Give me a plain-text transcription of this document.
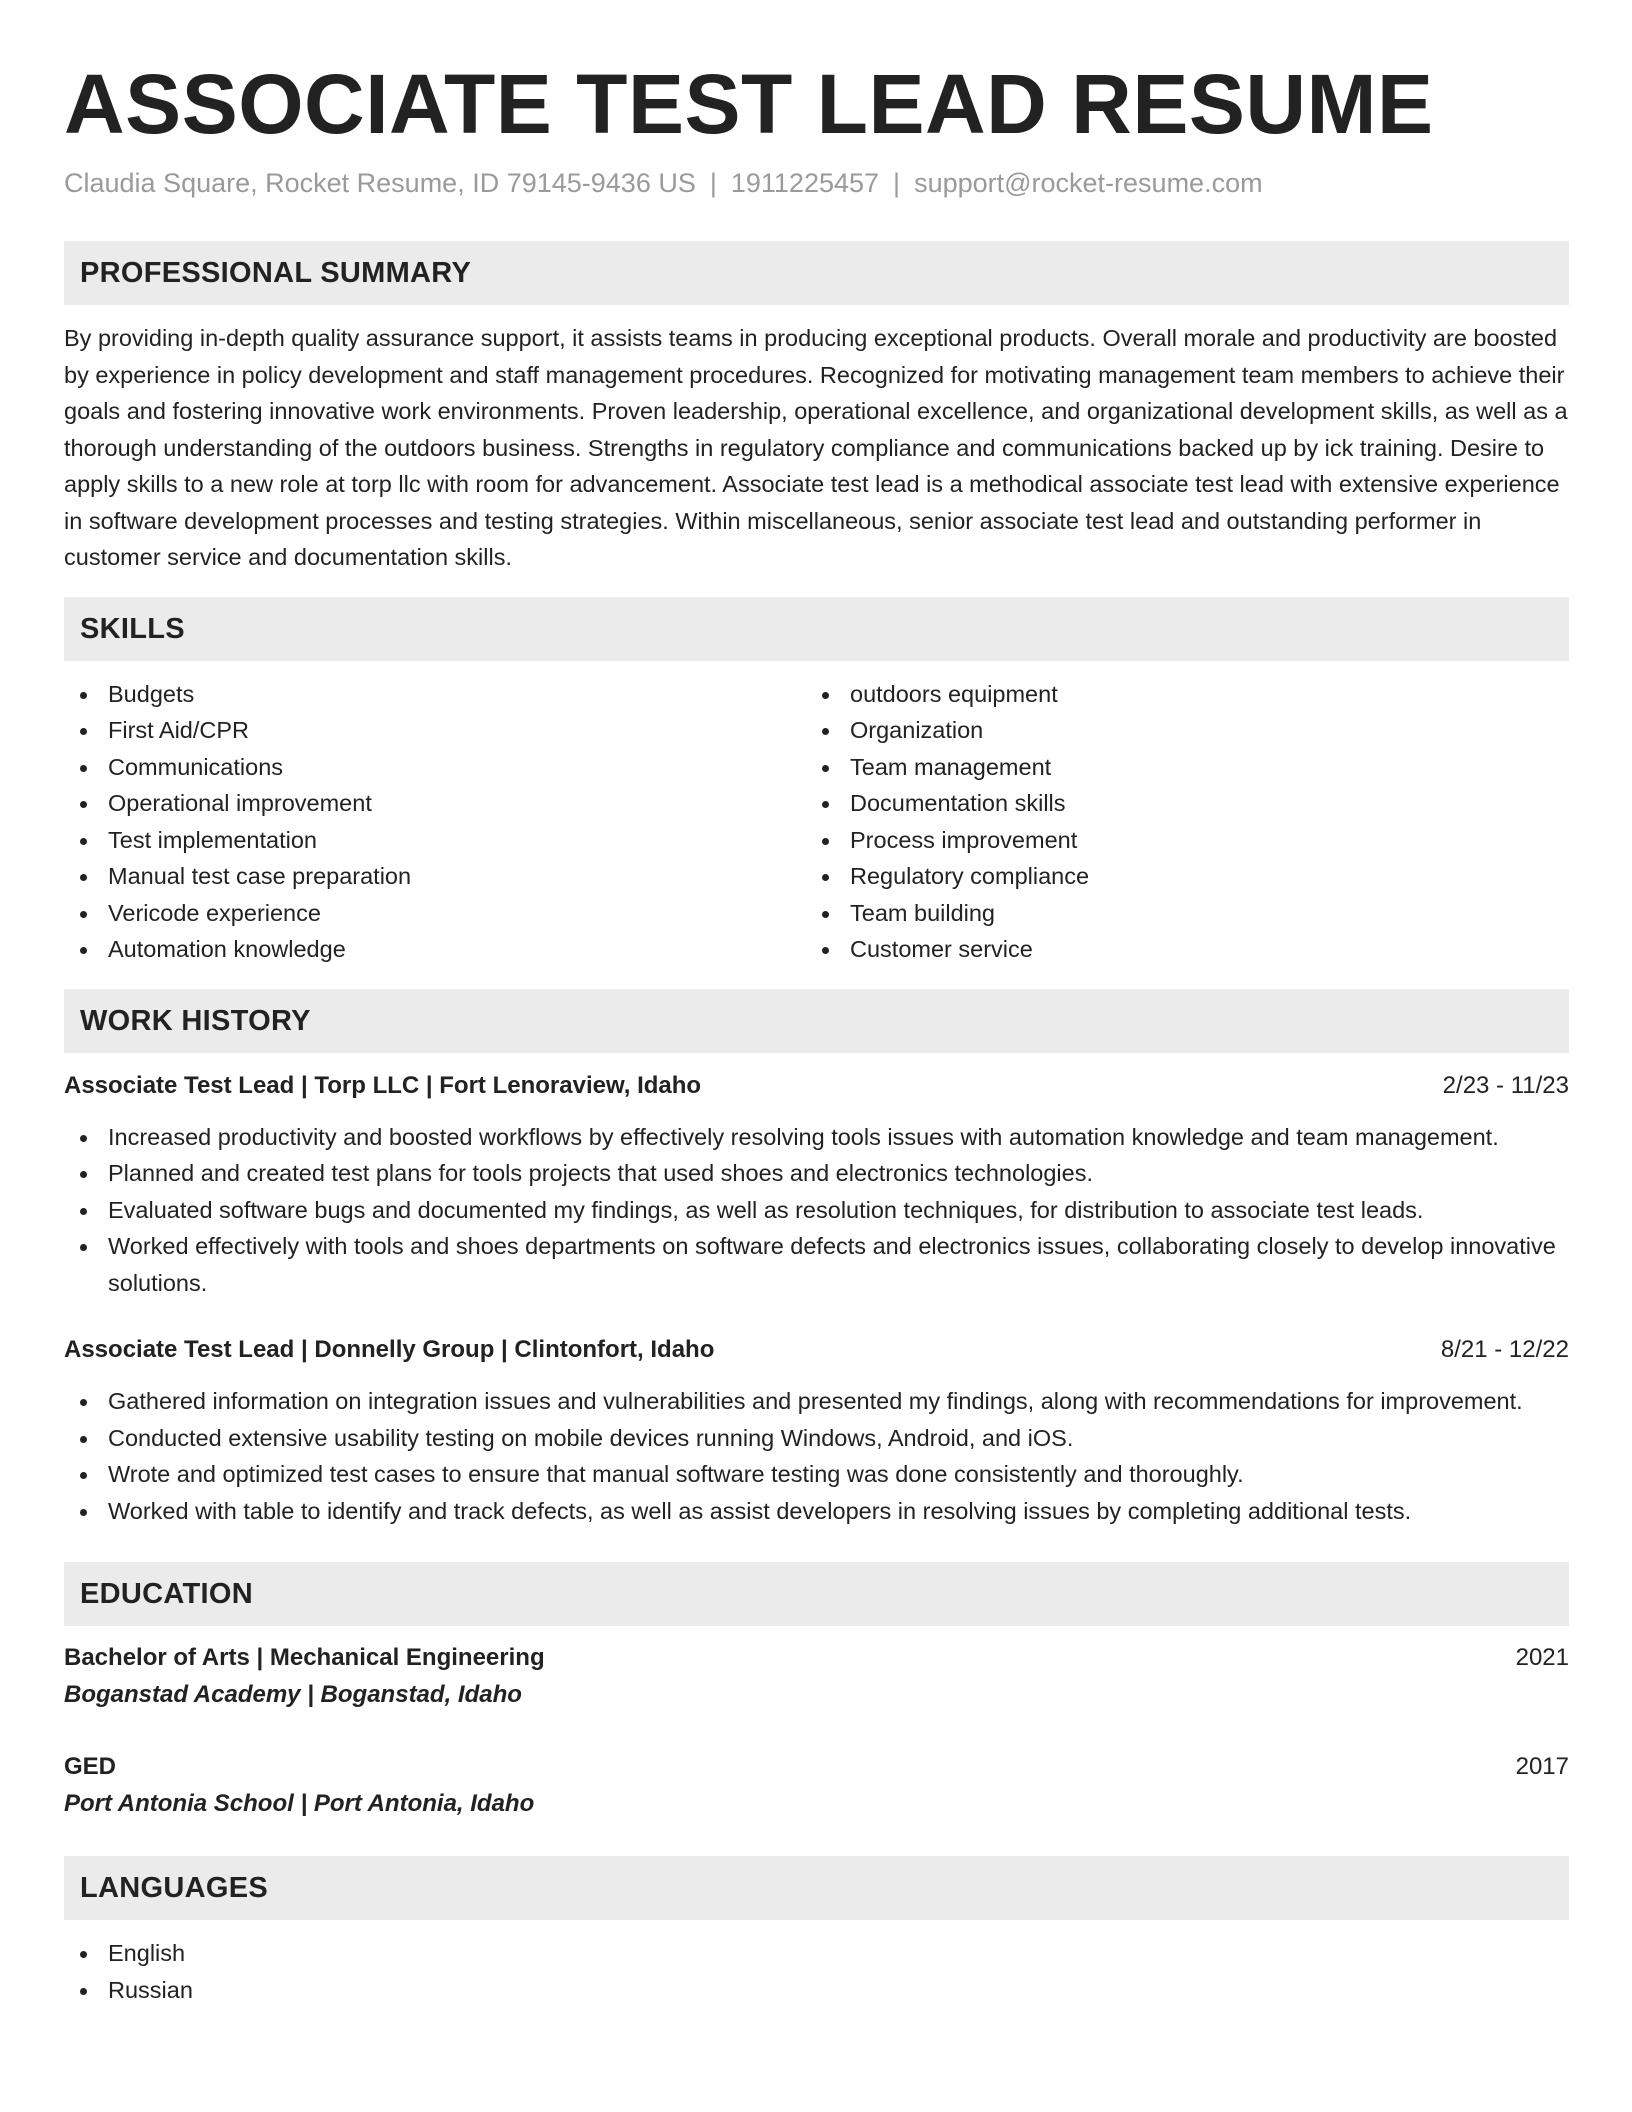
ASSOCIATE TEST LEAD RESUME
Claudia Square, Rocket Resume, ID 79145-9436 US | 1911225457 | support@rocket-resume.com
PROFESSIONAL SUMMARY

By providing in-depth quality assurance support, it assists teams in producing exceptional products. Overall morale and productivity are boosted by experience in policy development and staff management procedures. Recognized for motivating management team members to achieve their goals and fostering innovative work environments. Proven leadership, operational excellence, and organizational development skills, as well as a thorough understanding of the outdoors business. Strengths in regulatory compliance and communications backed up by ick training. Desire to apply skills to a new role at torp llc with room for advancement. Associate test lead is a methodical associate test lead with extensive experience in software development processes and testing strategies. Within miscellaneous, senior associate test lead and outstanding performer in customer service and documentation skills.

SKILLS
Budgets
First Aid/CPR
Communications
Operational improvement
Test implementation
Manual test case preparation
Vericode experience
Automation knowledge
outdoors equipment
Organization
Team management
Documentation skills
Process improvement
Regulatory compliance
Team building
Customer service
WORK HISTORY
Associate Test Lead | Torp LLC | Fort Lenoraview, Idaho	2/23 - 11/23
Increased productivity and boosted workflows by effectively resolving tools issues with automation knowledge and team management.
Planned and created test plans for tools projects that used shoes and electronics technologies.
Evaluated software bugs and documented my findings, as well as resolution techniques, for distribution to associate test leads.
Worked effectively with tools and shoes departments on software defects and electronics issues, collaborating closely to develop innovative solutions.
Associate Test Lead | Donnelly Group | Clintonfort, Idaho	8/21 - 12/22
Gathered information on integration issues and vulnerabilities and presented my findings, along with recommendations for improvement.
Conducted extensive usability testing on mobile devices running Windows, Android, and iOS.
Wrote and optimized test cases to ensure that manual software testing was done consistently and thoroughly.
Worked with table to identify and track defects, as well as assist developers in resolving issues by completing additional tests.
EDUCATION
Bachelor of Arts | Mechanical Engineering	2021
Boganstad Academy | Boganstad, Idaho
GED	2017
Port Antonia School | Port Antonia, Idaho
LANGUAGES
English
Russian
